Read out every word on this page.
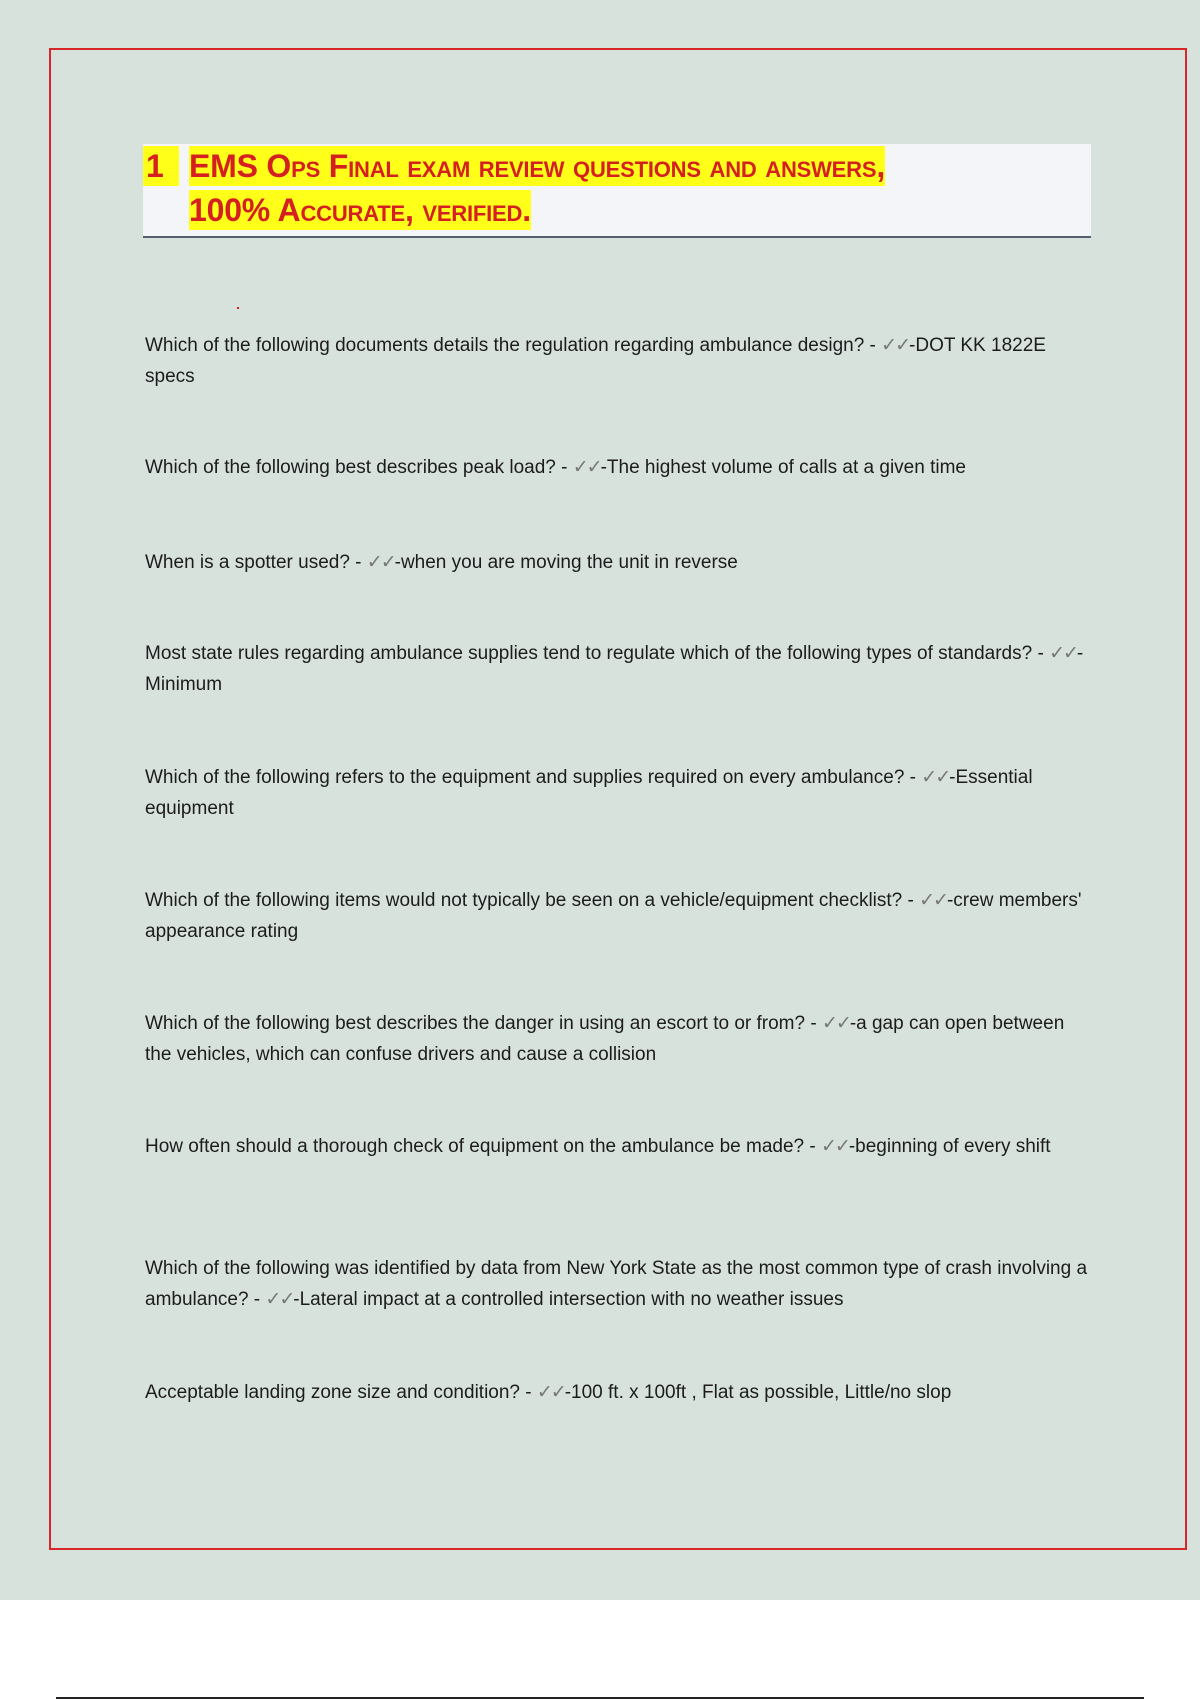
1 EMS Ops Final exam review questions and answers,
100% Accurate, verified.
Which of the following documents details the regulation regarding ambulance design? - ✓✓-DOT KK 1822E specs
Which of the following best describes peak load? - ✓✓-The highest volume of calls at a given time
When is a spotter used? - ✓✓-when you are moving the unit in reverse
Most state rules regarding ambulance supplies tend to regulate which of the following types of standards? - ✓✓-Minimum
Which of the following refers to the equipment and supplies required on every ambulance? - ✓✓-Essential equipment
Which of the following items would not typically be seen on a vehicle/equipment checklist? - ✓✓-crew members' appearance rating
Which of the following best describes the danger in using an escort to or from? - ✓✓-a gap can open between the vehicles, which can confuse drivers and cause a collision
How often should a thorough check of equipment on the ambulance be made? - ✓✓-beginning of every shift
Which of the following was identified by data from New York State as the most common type of crash involving a ambulance? - ✓✓-Lateral impact at a controlled intersection with no weather issues
Acceptable landing zone size and condition? - ✓✓-100 ft. x 100ft , Flat as possible, Little/no slop
